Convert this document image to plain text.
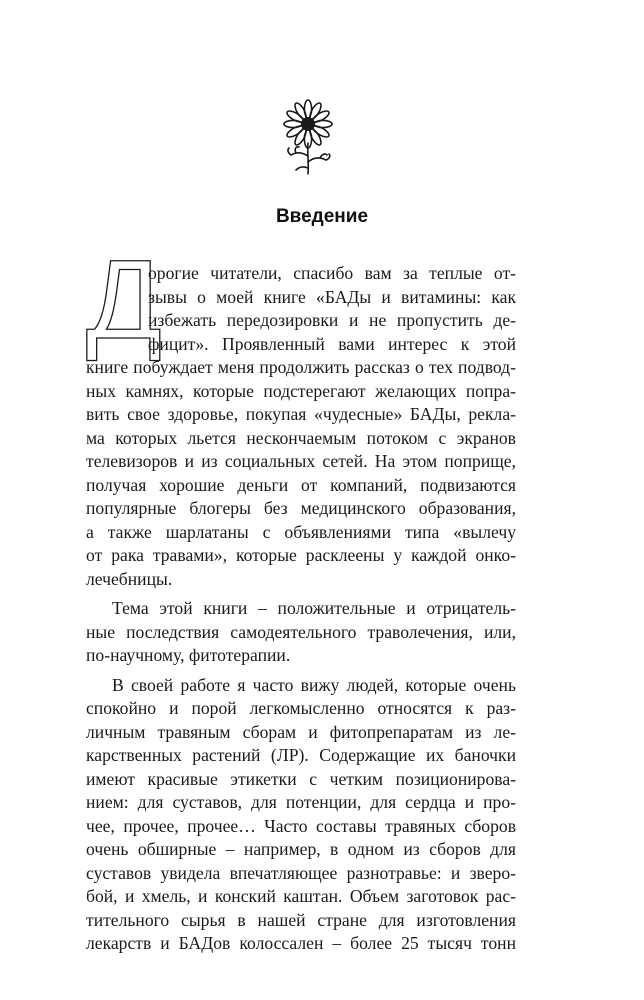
Введение
Д
орогие читатели, спасибо вам за теплые от-
зывы о моей книге «БАДы и витамины: как
избежать передозировки и не пропустить де-
фицит». Проявленный вами интерес к этой
книге побуждает меня продолжить рассказ о тех подвод-
ных камнях, которые подстерегают желающих попра-
вить свое здоровье, покупая «чудесные» БАДы, рекла-
ма которых льется нескончаемым потоком с экранов
телевизоров и из социальных сетей. На этом поприще,
получая хорошие деньги от компаний, подвизаются
популярные блогеры без медицинского образования,
а также шарлатаны с объявлениями типа «вылечу
от рака травами», которые расклеены у каждой онко-
лечебницы.
Тема этой книги – положительные и отрицатель-
ные последствия самодеятельного траволечения, или,
по-научному, фитотерапии.
В своей работе я часто вижу людей, которые очень
спокойно и порой легкомысленно относятся к раз-
личным травяным сборам и фитопрепаратам из ле-
карственных растений (ЛР). Содержащие их баночки
имеют красивые этикетки с четким позиционирова-
нием: для суставов, для потенции, для сердца и про-
чее, прочее, прочее… Часто составы травяных сборов
очень обширные – например, в одном из сборов для
суставов увидела впечатляющее разнотравье: и зверо-
бой, и хмель, и конский каштан. Объем заготовок рас-
тительного сырья в нашей стране для изготовления
лекарств и БАДов колоссален – более 25 тысяч тонн
